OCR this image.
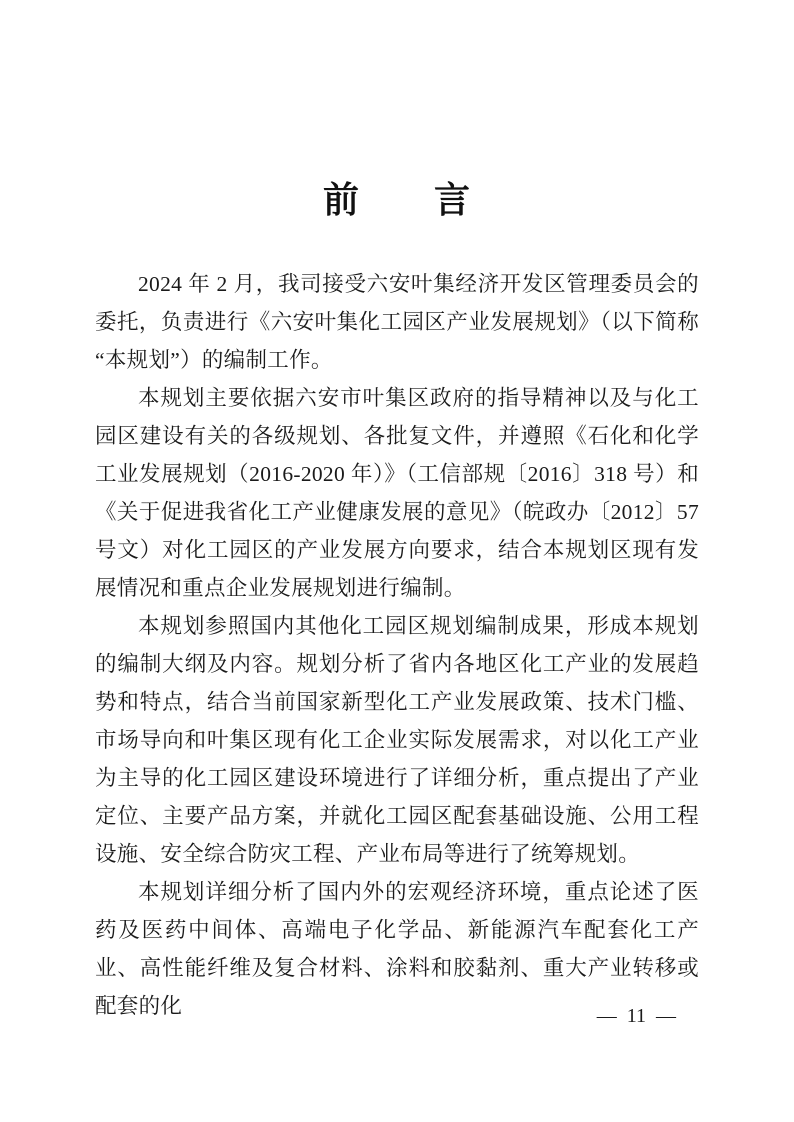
前　　言

2024 年 2 月，我司接受六安叶集经济开发区管理委员会的委托，负责进行《六安叶集化工园区产业发展规划》（以下简称“本规划”）的编制工作。

本规划主要依据六安市叶集区政府的指导精神以及与化工园区建设有关的各级规划、各批复文件，并遵照《石化和化学工业发展规划（2016-2020 年）》（工信部规〔2016〕318 号）和《关于促进我省化工产业健康发展的意见》（皖政办〔2012〕57 号文）对化工园区的产业发展方向要求，结合本规划区现有发展情况和重点企业发展规划进行编制。

本规划参照国内其他化工园区规划编制成果，形成本规划的编制大纲及内容。规划分析了省内各地区化工产业的发展趋势和特点，结合当前国家新型化工产业发展政策、技术门槛、市场导向和叶集区现有化工企业实际发展需求，对以化工产业为主导的化工园区建设环境进行了详细分析，重点提出了产业定位、主要产品方案，并就化工园区配套基础设施、公用工程设施、安全综合防灾工程、产业布局等进行了统筹规划。

本规划详细分析了国内外的宏观经济环境，重点论述了医药及医药中间体、高端电子化学品、新能源汽车配套化工产业、高性能纤维及复合材料、涂料和胶黏剂、重大产业转移或配套的化	—  11  —
